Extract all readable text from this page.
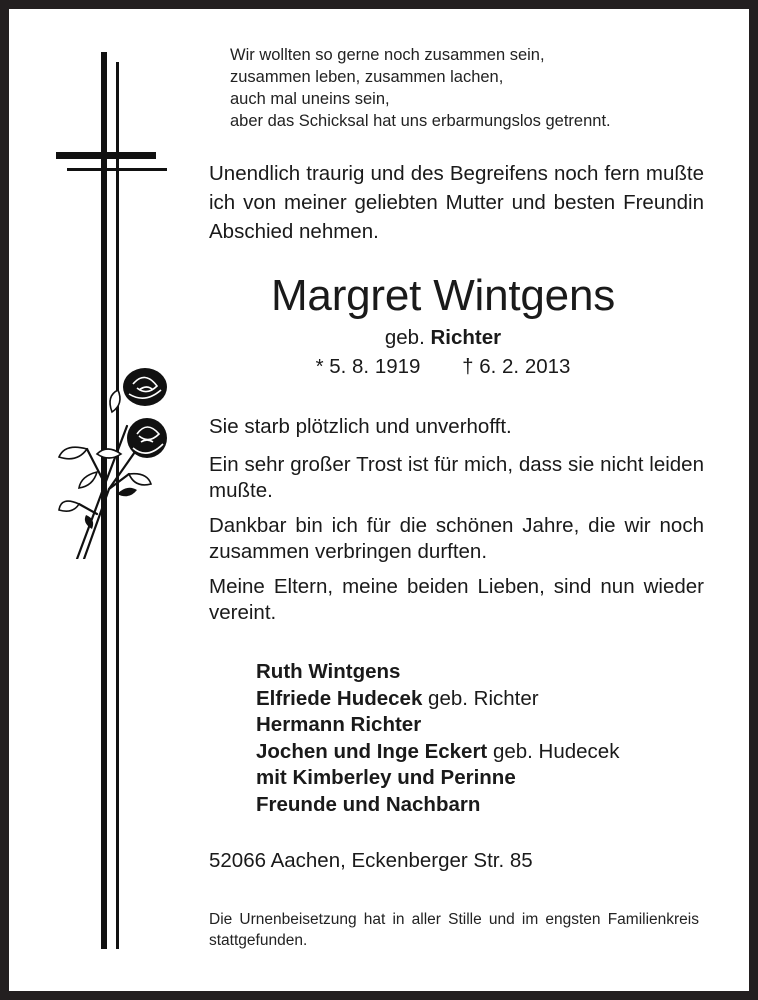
Wir wollten so gerne noch zusammen sein,
zusammen leben, zusammen lachen,
auch mal uneins sein,
aber das Schicksal hat uns erbarmungslos getrennt.
Unendlich traurig und des Begreifens noch fern mußte ich von meiner geliebten Mutter und besten Freundin Abschied nehmen.
Margret Wintgens
geb. Richter
* 5. 8. 1919 † 6. 2. 2013
Sie starb plötzlich und unverhofft.
Ein sehr großer Trost ist für mich, dass sie nicht leiden mußte.
Dankbar bin ich für die schönen Jahre, die wir noch zusammen verbringen durften.
Meine Eltern, meine beiden Lieben, sind nun wieder vereint.
Ruth Wintgens
Elfriede Hudecek geb. Richter
Hermann Richter
Jochen und Inge Eckert geb. Hudecek
mit Kimberley und Perinne
Freunde und Nachbarn
52066 Aachen, Eckenberger Str. 85
Die Urnenbeisetzung hat in aller Stille und im engsten Familienkreis stattgefunden.
